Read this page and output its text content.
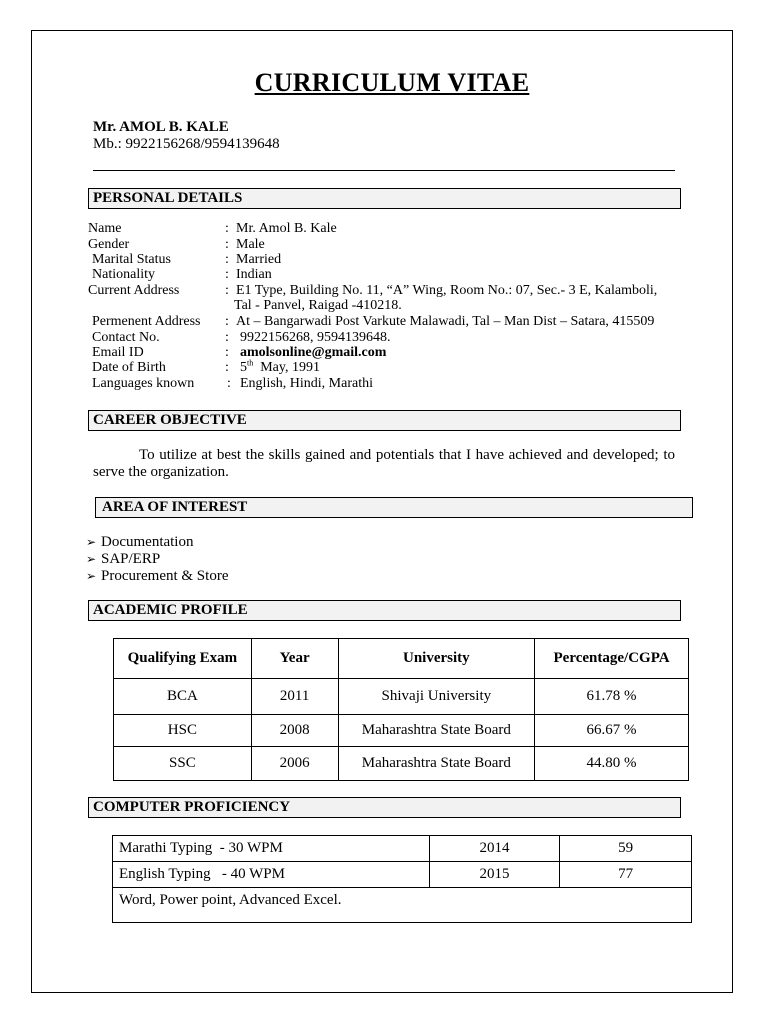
CURRICULUM VITAE
Mr. AMOL B. KALE
Mb.: 9922156268/9594139648
PERSONAL DETAILS
Name	: Mr. Amol B. Kale
Gender	: Male
Marital Status	: Married
Nationality	: Indian
Current Address	: E1 Type, Building No. 11, “A” Wing, Room No.: 07, Sec.- 3 E, Kalamboli,
Tal - Panvel, Raigad -410218.
Permenent Address : At – Bangarwadi Post Varkute Malawadi, Tal – Man Dist – Satara, 415509
Contact No.	: 9922156268, 9594139648.
Email ID	: amolsonline@gmail.com
Date of Birth	: 5th May, 1991
Languages known : English, Hindi, Marathi
CAREER OBJECTIVE
To utilize at best the skills gained and potentials that I have achieved and developed; to serve the organization.
AREA OF INTEREST
➢ Documentation
➢ SAP/ERP
➢ Procurement & Store
ACADEMIC PROFILE
Qualifying Exam	Year	University	Percentage/CGPA
BCA	2011	Shivaji University	61.78 %
HSC	2008	Maharashtra State Board	66.67 %
SSC	2006	Maharashtra State Board	44.80 %
COMPUTER PROFICIENCY
Marathi Typing  - 30 WPM	2014	59
English Typing   - 40 WPM	2015	77
Word, Power point, Advanced Excel.		
